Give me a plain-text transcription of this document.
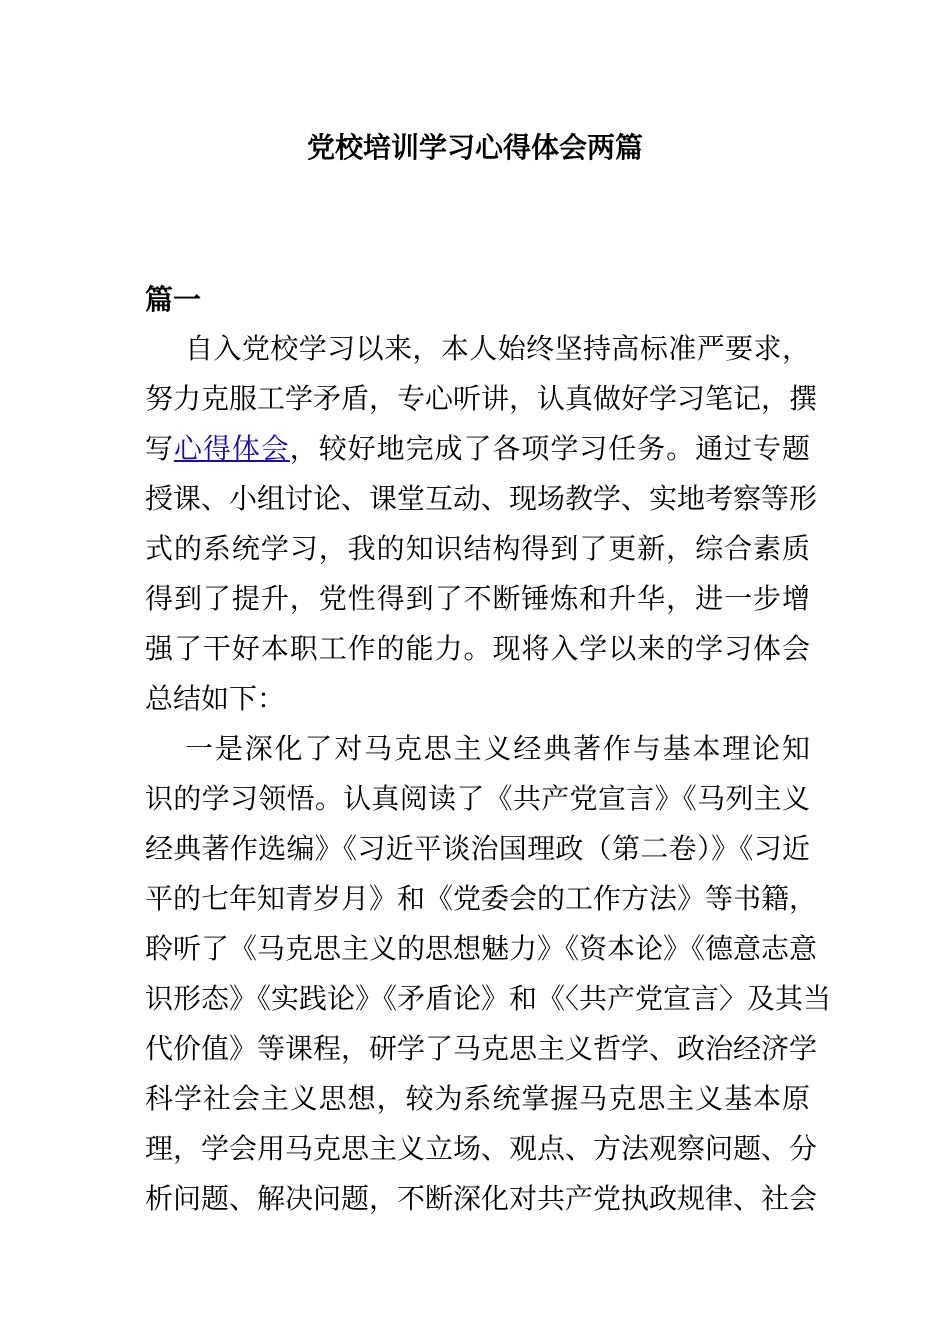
党校培训学习心得体会两篇
篇一
自入党校学习以来，本人始终坚持高标准严要求，
努力克服工学矛盾，专心听讲，认真做好学习笔记，撰
写心得体会，较好地完成了各项学习任务。通过专题
授课、小组讨论、课堂互动、现场教学、实地考察等形
式的系统学习，我的知识结构得到了更新，综合素质
得到了提升，党性得到了不断锤炼和升华，进一步增
强了干好本职工作的能力。现将入学以来的学习体会
总结如下：
一是深化了对马克思主义经典著作与基本理论知
识的学习领悟。认真阅读了《共产党宣言》《马列主义
经典著作选编》《习近平谈治国理政（第二卷）》《习近
平的七年知青岁月》和《党委会的工作方法》等书籍，
聆听了《马克思主义的思想魅力》《资本论》《德意志意
识形态》《实践论》《矛盾论》和《〈共产党宣言〉及其当
代价值》等课程，研学了马克思主义哲学、政治经济学
科学社会主义思想，较为系统掌握马克思主义基本原
理，学会用马克思主义立场、观点、方法观察问题、分
析问题、解决问题，不断深化对共产党执政规律、社会
